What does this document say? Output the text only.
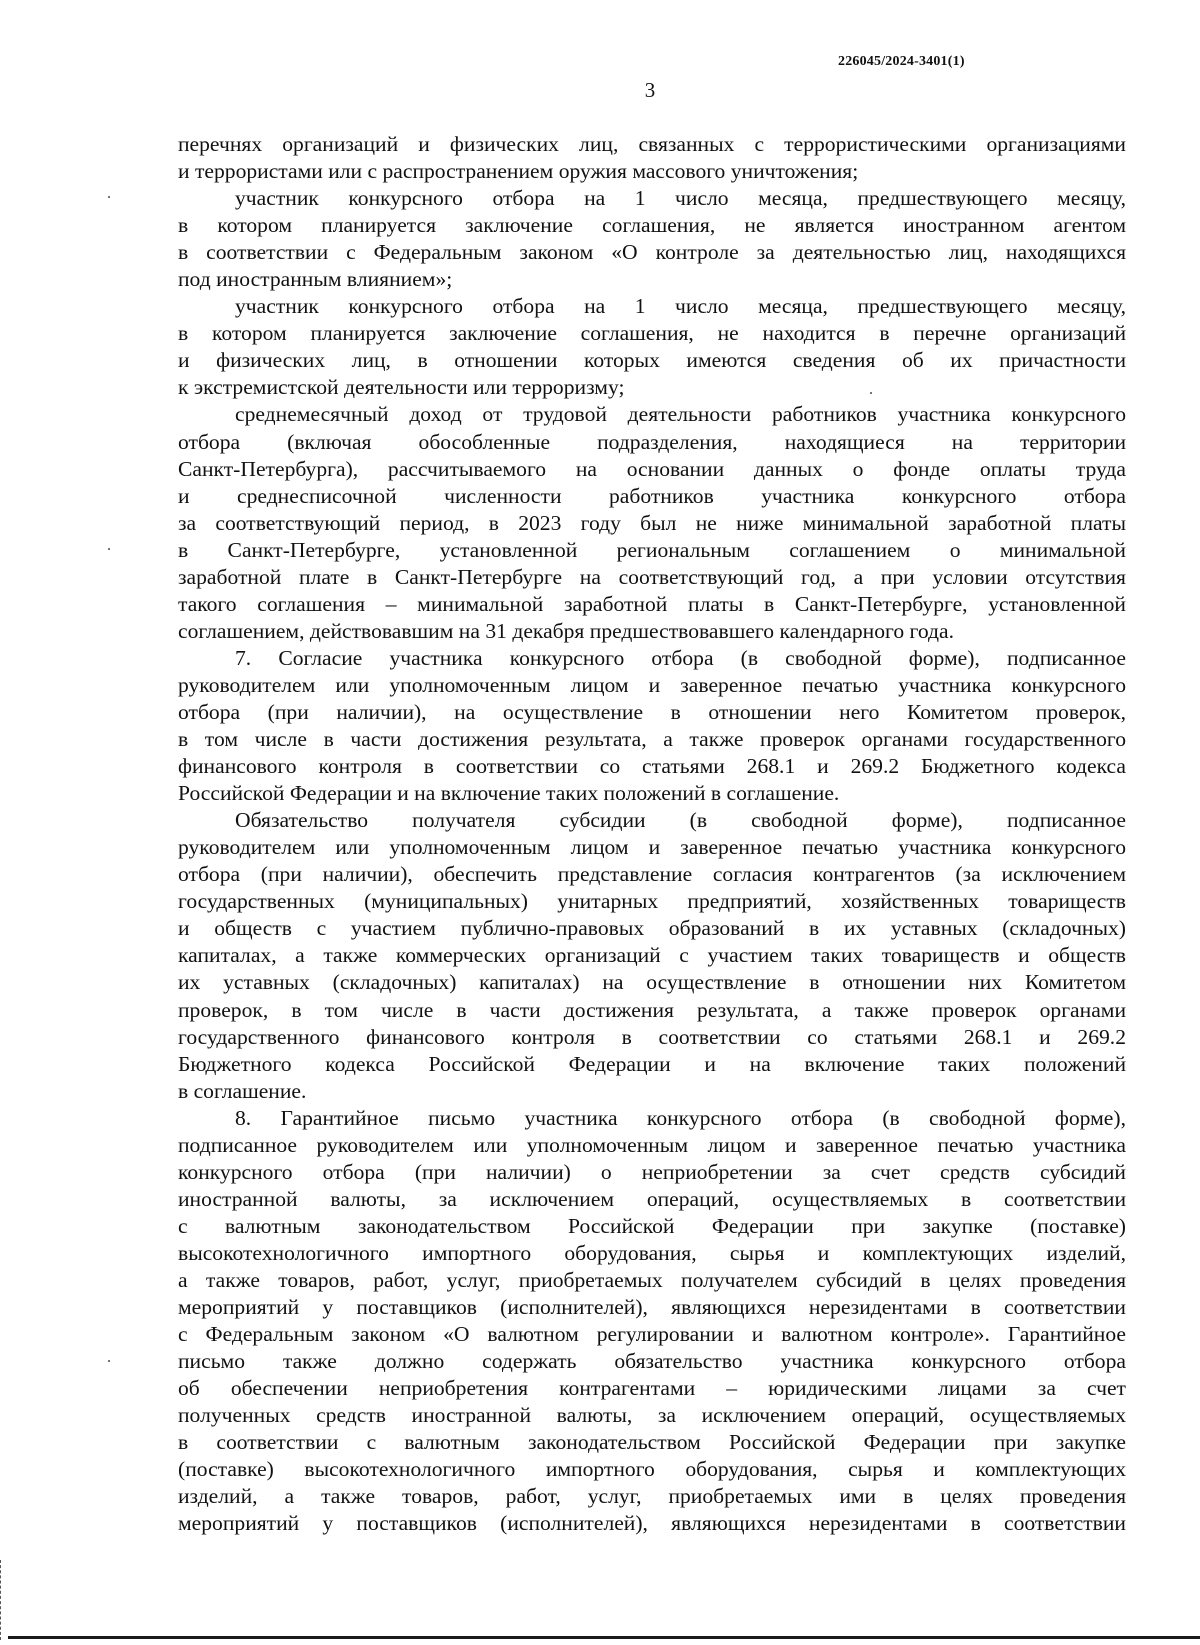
226045/2024-3401(1)
3
перечнях организаций и физических лиц, связанных с террористическими организациями
и террористами или с распространением оружия массового уничтожения;
участник конкурсного отбора на 1 число месяца, предшествующего месяцу,
в котором планируется заключение соглашения, не является иностранном агентом
в соответствии с Федеральным законом «О контроле за деятельностью лиц, находящихся
под иностранным влиянием»;
участник конкурсного отбора на 1 число месяца, предшествующего месяцу,
в котором планируется заключение соглашения, не находится в перечне организаций
и физических лиц, в отношении которых имеются сведения об их причастности
к экстремистской деятельности или терроризму;
среднемесячный доход от трудовой деятельности работников участника конкурсного
отбора (включая обособленные подразделения, находящиеся на территории
Санкт-Петербурга), рассчитываемого на основании данных о фонде оплаты труда
и среднесписочной численности работников участника конкурсного отбора
за соответствующий период, в 2023 году был не ниже минимальной заработной платы
в Санкт-Петербурге, установленной региональным соглашением о минимальной
заработной плате в Санкт-Петербурге на соответствующий год, а при условии отсутствия
такого соглашения – минимальной заработной платы в Санкт-Петербурге, установленной
соглашением, действовавшим на 31 декабря предшествовавшего календарного года.
7. Согласие участника конкурсного отбора (в свободной форме), подписанное
руководителем или уполномоченным лицом и заверенное печатью участника конкурсного
отбора (при наличии), на осуществление в отношении него Комитетом проверок,
в том числе в части достижения результата, а также проверок органами государственного
финансового контроля в соответствии со статьями 268.1 и 269.2 Бюджетного кодекса
Российской Федерации и на включение таких положений в соглашение.
Обязательство получателя субсидии (в свободной форме), подписанное
руководителем или уполномоченным лицом и заверенное печатью участника конкурсного
отбора (при наличии), обеспечить представление согласия контрагентов (за исключением
государственных (муниципальных) унитарных предприятий, хозяйственных товариществ
и обществ с участием публично-правовых образований в их уставных (складочных)
капиталах, а также коммерческих организаций с участием таких товариществ и обществ
их уставных (складочных) капиталах) на осуществление в отношении них Комитетом
проверок, в том числе в части достижения результата, а также проверок органами
государственного финансового контроля в соответствии со статьями 268.1 и 269.2
Бюджетного кодекса Российской Федерации и на включение таких положений
в соглашение.
8. Гарантийное письмо участника конкурсного отбора (в свободной форме),
подписанное руководителем или уполномоченным лицом и заверенное печатью участника
конкурсного отбора (при наличии) о неприобретении за счет средств субсидий
иностранной валюты, за исключением операций, осуществляемых в соответствии
с валютным законодательством Российской Федерации при закупке (поставке)
высокотехнологичного импортного оборудования, сырья и комплектующих изделий,
а также товаров, работ, услуг, приобретаемых получателем субсидий в целях проведения
мероприятий у поставщиков (исполнителей), являющихся нерезидентами в соответствии
с Федеральным законом «О валютном регулировании и валютном контроле». Гарантийное
письмо также должно содержать обязательство участника конкурсного отбора
об обеспечении неприобретения контрагентами – юридическими лицами за счет
полученных средств иностранной валюты, за исключением операций, осуществляемых
в соответствии с валютным законодательством Российской Федерации при закупке
(поставке) высокотехнологичного импортного оборудования, сырья и комплектующих
изделий, а также товаров, работ, услуг, приобретаемых ими в целях проведения
мероприятий у поставщиков (исполнителей), являющихся нерезидентами в соответствии
